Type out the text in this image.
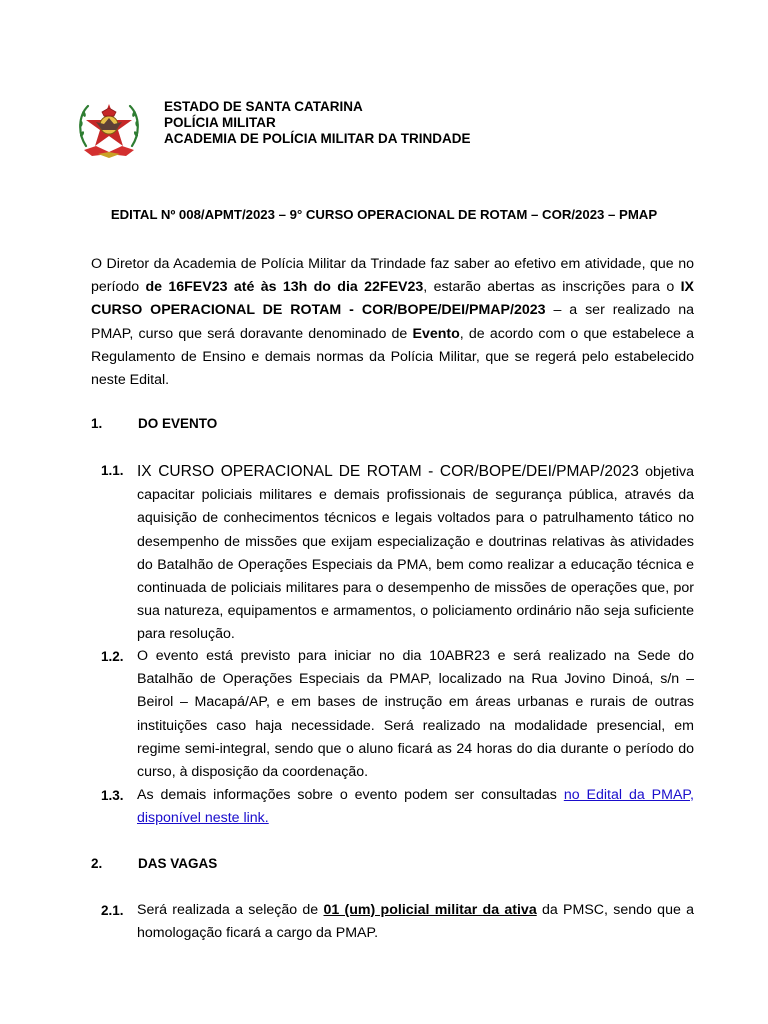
ESTADO DE SANTA CATARINA
POLÍCIA MILITAR
ACADEMIA DE POLÍCIA MILITAR DA TRINDADE
EDITAL Nº 008/APMT/2023 – 9° CURSO OPERACIONAL DE ROTAM – COR/2023 – PMAP
O Diretor da Academia de Polícia Militar da Trindade faz saber ao efetivo em atividade, que no período de 16FEV23 até às 13h do dia 22FEV23, estarão abertas as inscrições para o IX CURSO OPERACIONAL DE ROTAM - COR/BOPE/DEI/PMAP/2023 – a ser realizado na PMAP, curso que será doravante denominado de Evento, de acordo com o que estabelece a Regulamento de Ensino e demais normas da Polícia Militar, que se regerá pelo estabelecido neste Edital.
1.	DO EVENTO
1.1. IX CURSO OPERACIONAL DE ROTAM - COR/BOPE/DEI/PMAP/2023 objetiva capacitar policiais militares e demais profissionais de segurança pública, através da aquisição de conhecimentos técnicos e legais voltados para o patrulhamento tático no desempenho de missões que exijam especialização e doutrinas relativas às atividades do Batalhão de Operações Especiais da PMA, bem como realizar a educação técnica e continuada de policiais militares para o desempenho de missões de operações que, por sua natureza, equipamentos e armamentos, o policiamento ordinário não seja suficiente para resolução.
1.2. O evento está previsto para iniciar no dia 10ABR23 e será realizado na Sede do Batalhão de Operações Especiais da PMAP, localizado na Rua Jovino Dinoá, s/n – Beirol – Macapá/AP, e em bases de instrução em áreas urbanas e rurais de outras instituições caso haja necessidade. Será realizado na modalidade presencial, em regime semi-integral, sendo que o aluno ficará as 24 horas do dia durante o período do curso, à disposição da coordenação.
1.3. As demais informações sobre o evento podem ser consultadas no Edital da PMAP, disponível neste link.
2.	DAS VAGAS
2.1. Será realizada a seleção de 01 (um) policial militar da ativa da PMSC, sendo que a homologação ficará a cargo da PMAP.
